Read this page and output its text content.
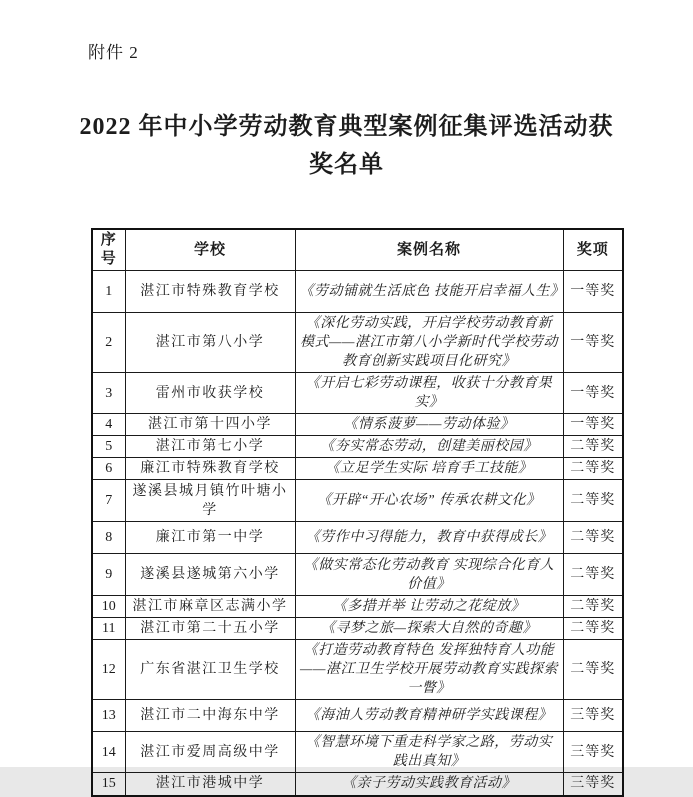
附件 2
2022 年中小学劳动教育典型案例征集评选活动获奖名单
序号	学校	案例名称	奖项
1	湛江市特殊教育学校	《劳动铺就生活底色 技能开启幸福人生》	一等奖
2	湛江市第八小学	《深化劳动实践，开启学校劳动教育新模式——湛江市第八小学新时代学校劳动教育创新实践项目化研究》	一等奖
3	雷州市收获学校	《开启七彩劳动课程，收获十分教育果实》	一等奖
4	湛江市第十四小学	《情系菠萝——劳动体验》	一等奖
5	湛江市第七小学	《夯实常态劳动，创建美丽校园》	二等奖
6	廉江市特殊教育学校	《立足学生实际 培育手工技能》	二等奖
7	遂溪县城月镇竹叶塘小学	《开辟“开心农场” 传承农耕文化》	二等奖
8	廉江市第一中学	《劳作中习得能力，教育中获得成长》	二等奖
9	遂溪县遂城第六小学	《做实常态化劳动教育 实现综合化育人价值》	二等奖
10	湛江市麻章区志满小学	《多措并举 让劳动之花绽放》	二等奖
11	湛江市第二十五小学	《寻梦之旅—探索大自然的奇趣》	二等奖
12	广东省湛江卫生学校	《打造劳动教育特色 发挥独特育人功能——湛江卫生学校开展劳动教育实践探索一瞥》	二等奖
13	湛江市二中海东中学	《海油人劳动教育精神研学实践课程》	三等奖
14	湛江市爱周高级中学	《智慧环境下重走科学家之路，劳动实践出真知》	三等奖
15	湛江市港城中学	《亲子劳动实践教育活动》	三等奖
